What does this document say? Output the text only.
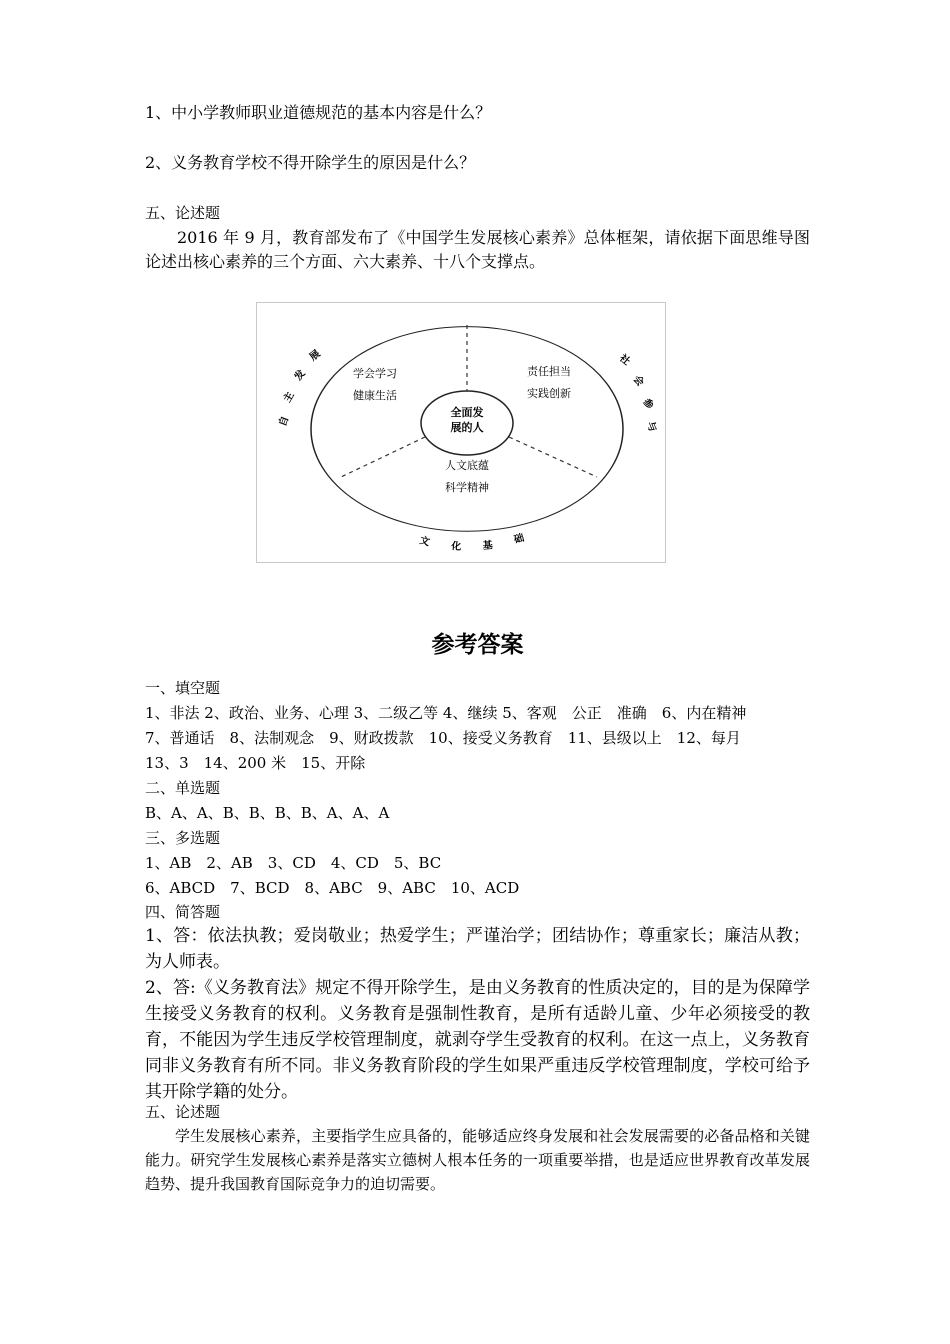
1、中小学教师职业道德规范的基本内容是什么？
2、义务教育学校不得开除学生的原因是什么？
五、论述题
2016 年 9 月，教育部发布了《中国学生发展核心素养》总体框架，请依据下面思维导图论述出核心素养的三个方面、六大素养、十八个支撑点。
参考答案
一、填空题
1、非法 2、政治、业务、心理 3、二级乙等 4、继续 5、客观　公正　准确　6、内在精神
7、普通话　8、法制观念　9、财政拨款　10、接受义务教育　11、县级以上　12、每月
13、3　14、200 米　15、开除
二、单选题
B、A、A、B、B、B、B、A、A、A
三、多选题
1、AB　2、AB　3、CD　4、CD　5、BC
6、ABCD　7、BCD　8、ABC　9、ABC　10、ACD
四、简答题
1、答：依法执教；爱岗敬业；热爱学生；严谨治学；团结协作；尊重家长；廉洁从教；为人师表。
2、答:《义务教育法》规定不得开除学生，是由义务教育的性质决定的，目的是为保障学生接受义务教育的权利。义务教育是强制性教育，是所有适龄儿童、少年必须接受的教育，不能因为学生违反学校管理制度，就剥夺学生受教育的权利。在这一点上，义务教育同非义务教育有所不同。非义务教育阶段的学生如果严重违反学校管理制度，学校可给予其开除学籍的处分。
五、论述题
学生发展核心素养，主要指学生应具备的，能够适应终身发展和社会发展需要的必备品格和关键能力。研究学生发展核心素养是落实立德树人根本任务的一项重要举措，也是适应世界教育改革发展趋势、提升我国教育国际竞争力的迫切需要。
全面发
展的人
学会学习
健康生活
责任担当
实践创新
人文底蕴
科学精神
自
主
发
展	社
会
参
与
文 化 基
础
